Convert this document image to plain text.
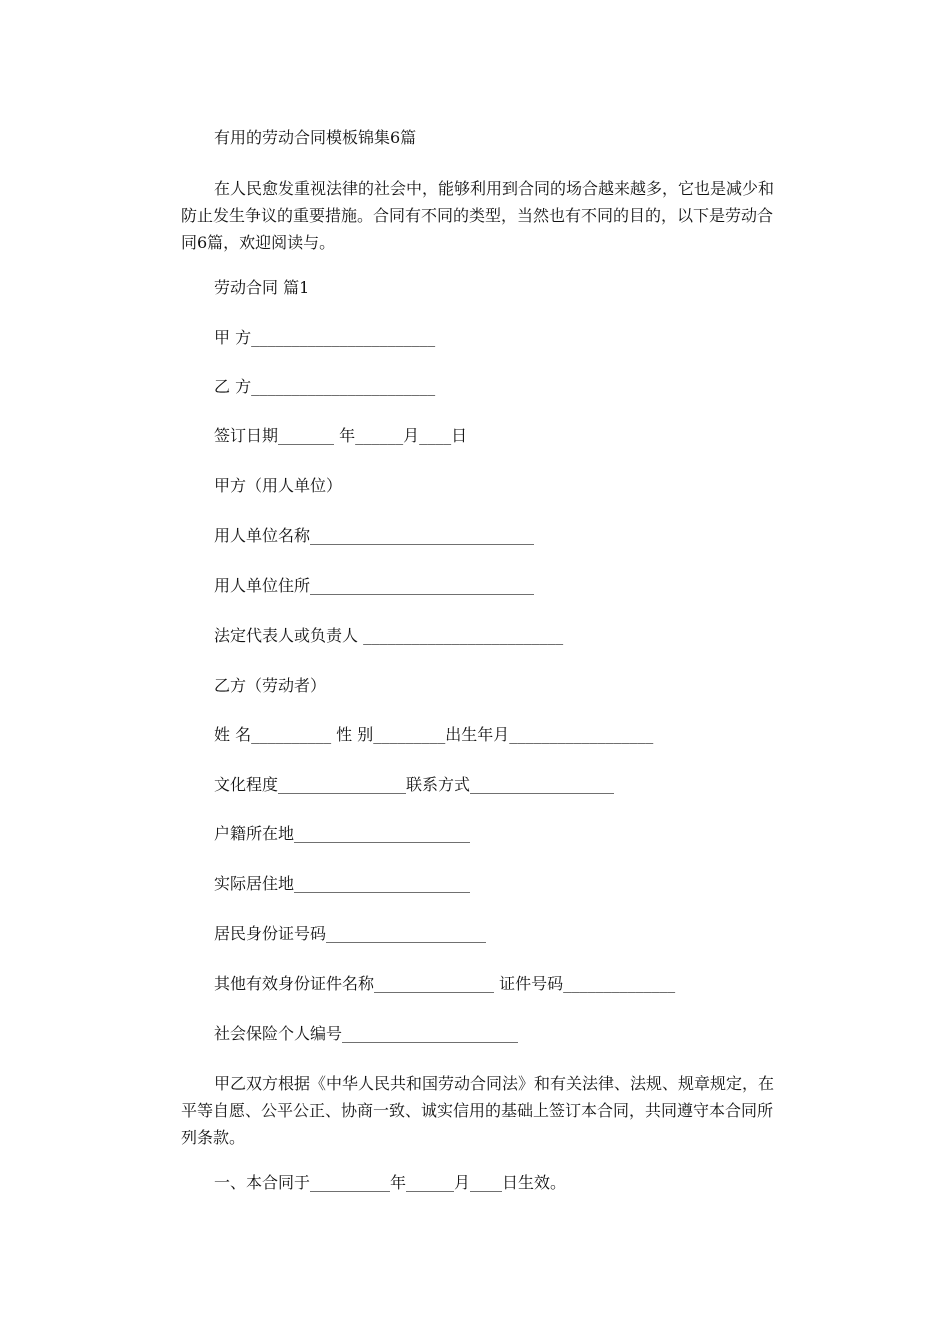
有用的劳动合同模板锦集6篇
在人民愈发重视法律的社会中，能够利用到合同的场合越来越多，它也是减少和防止发生争议的重要措施。合同有不同的类型，当然也有不同的目的，以下是劳动合同6篇，欢迎阅读与。
劳动合同 篇1
甲 方_______________________
乙 方_______________________
签订日期_______ 年______月____日
甲方（用人单位）
用人单位名称____________________________
用人单位住所____________________________
法定代表人或负责人 _________________________
乙方（劳动者）
姓 名__________ 性 别_________出生年月__________________
文化程度________________联系方式__________________
户籍所在地______________________
实际居住地______________________
居民身份证号码____________________
其他有效身份证件名称_______________ 证件号码______________
社会保险个人编号______________________
甲乙双方根据《中华人民共和国劳动合同法》和有关法律、法规、规章规定，在平等自愿、公平公正、协商一致、诚实信用的基础上签订本合同，共同遵守本合同所列条款。
一、本合同于__________年______月____日生效。
